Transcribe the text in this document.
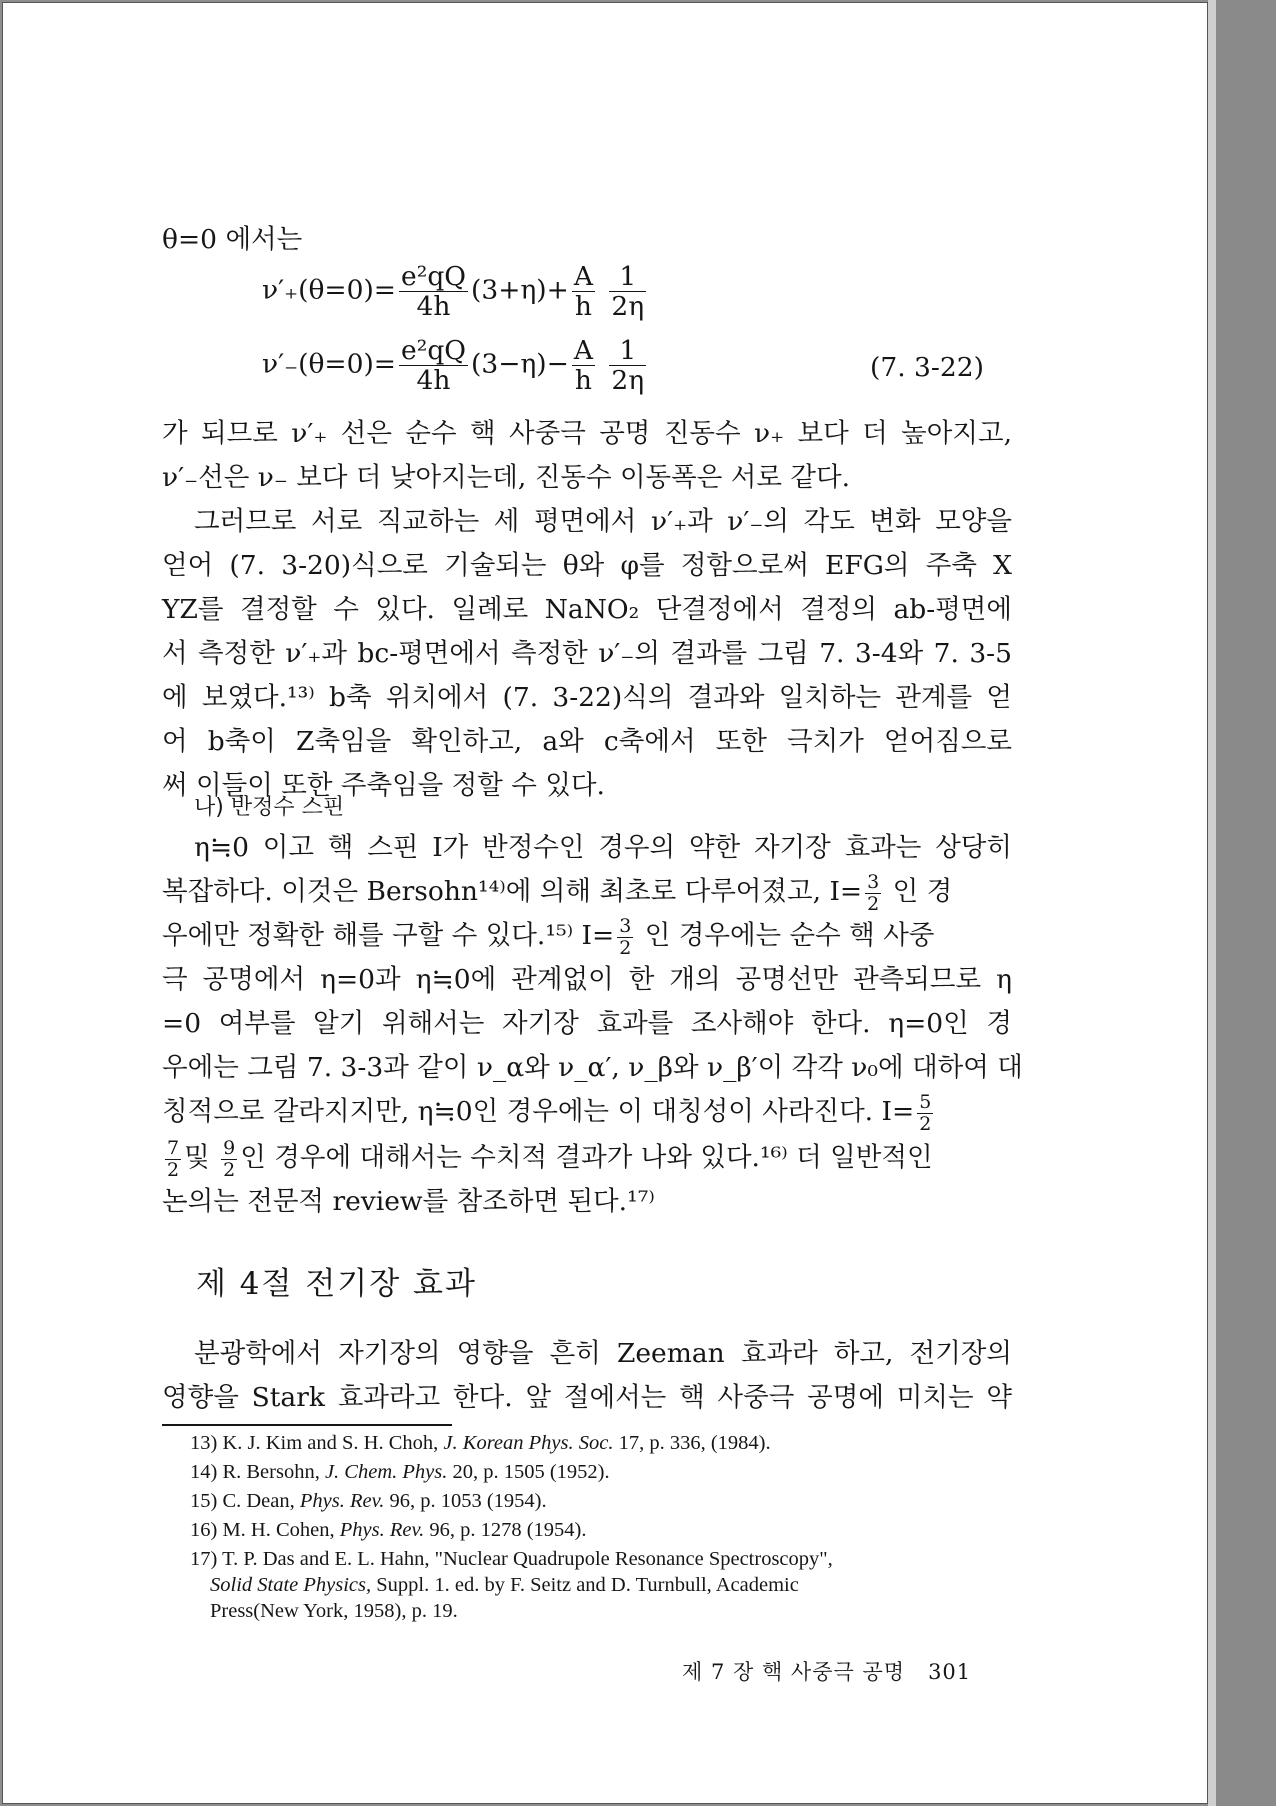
θ=0 에서는
$\nu'_+(\theta=0)= \frac{\text{e²qQ}}{4h} (3+\eta)+ \frac{A}{h}$
$\frac{1}{2\eta}$
$\nu'_-(\theta=0)= \frac{\text{e²qQ}}{4h} (3-\eta)- \frac{A}{h}$
$\frac{1}{2\eta}$	(7. 3-22)
가 되므로 ν′₊ 선은 순수 핵 사중극 공명 진동수 ν₊ 보다 더 높아지고,
ν′₋선은 ν₋ 보다 더 낮아지는데, 진동수 이동폭은 서로 같다.
그러므로 서로 직교하는 세 평면에서 ν′₊과 ν′₋의 각도 변화 모양을
얻어 (7. 3-20)식으로 기술되는 θ와 φ를 정함으로써 EFG의 주축 X
YZ를 결정할 수 있다. 일례로 NaNO₂ 단결정에서 결정의 ab-평면에
서 측정한 ν′₊과 bc-평면에서 측정한 ν′₋의 결과를 그림 7. 3-4와 7. 3-5
에 보였다.¹³⁾ b축 위치에서 (7. 3-22)식의 결과와 일치하는 관계를 얻
어 b축이 Z축임을 확인하고, a와 c축에서 또한 극치가 얻어짐으로
써 이들이 또한 주축임을 정할 수 있다.
나) 반정수 스핀
η≒0 이고 핵 스핀 I가 반정수인 경우의 약한 자기장 효과는 상당히
복잡하다. 이것은 Bersohn¹⁴⁾에 의해 최초로 다루어졌고, $I= \frac{3}{2}$ 인 경
우에만 정확한 해를 구할 수 있다.¹⁵⁾ $I= \frac{3}{2}$ 인 경우에는 순수 핵 사중
극 공명에서 η=0과 η≒0에 관계없이 한 개의 공명선만 관측되므로 η
=0 여부를 알기 위해서는 자기장 효과를 조사해야 한다. η=0인 경
우에는 그림 7. 3-3과 같이 ν_α와 ν_α′, ν_β와 ν_β′이 각각 ν₀에 대하여 대
칭적으로 갈라지지만, η≒0인 경우에는 이 대칭성이 사라진다. $I= \frac{5}{2}$
$\frac{7}{2}$ 및 $\frac{9}{2}$ 인 경우에 대해서는 수치적 결과가 나와 있다.¹⁶⁾ 더 일반적인
논의는 전문적 review를 참조하면 된다.¹⁷⁾
제 4절 전기장 효과
분광학에서 자기장의 영향을 흔히 Zeeman 효과라 하고, 전기장의
영향을 Stark 효과라고 한다. 앞 절에서는 핵 사중극 공명에 미치는 약
13) K. J. Kim and S. H. Choh, J. Korean Phys. Soc. 17, p. 336, (1984).
14) R. Bersohn, J. Chem. Phys. 20, p. 1505 (1952).
15) C. Dean, Phys. Rev. 96, p. 1053 (1954).
16) M. H. Cohen, Phys. Rev. 96, p. 1278 (1954).
17) T. P. Das and E. L. Hahn, "Nuclear Quadrupole Resonance Spectroscopy",
Solid State Physics, Suppl. 1. ed. by F. Seitz and D. Turnbull, Academic
Press(New York, 1958), p. 19.
제 7 장 핵 사중극 공명 301
